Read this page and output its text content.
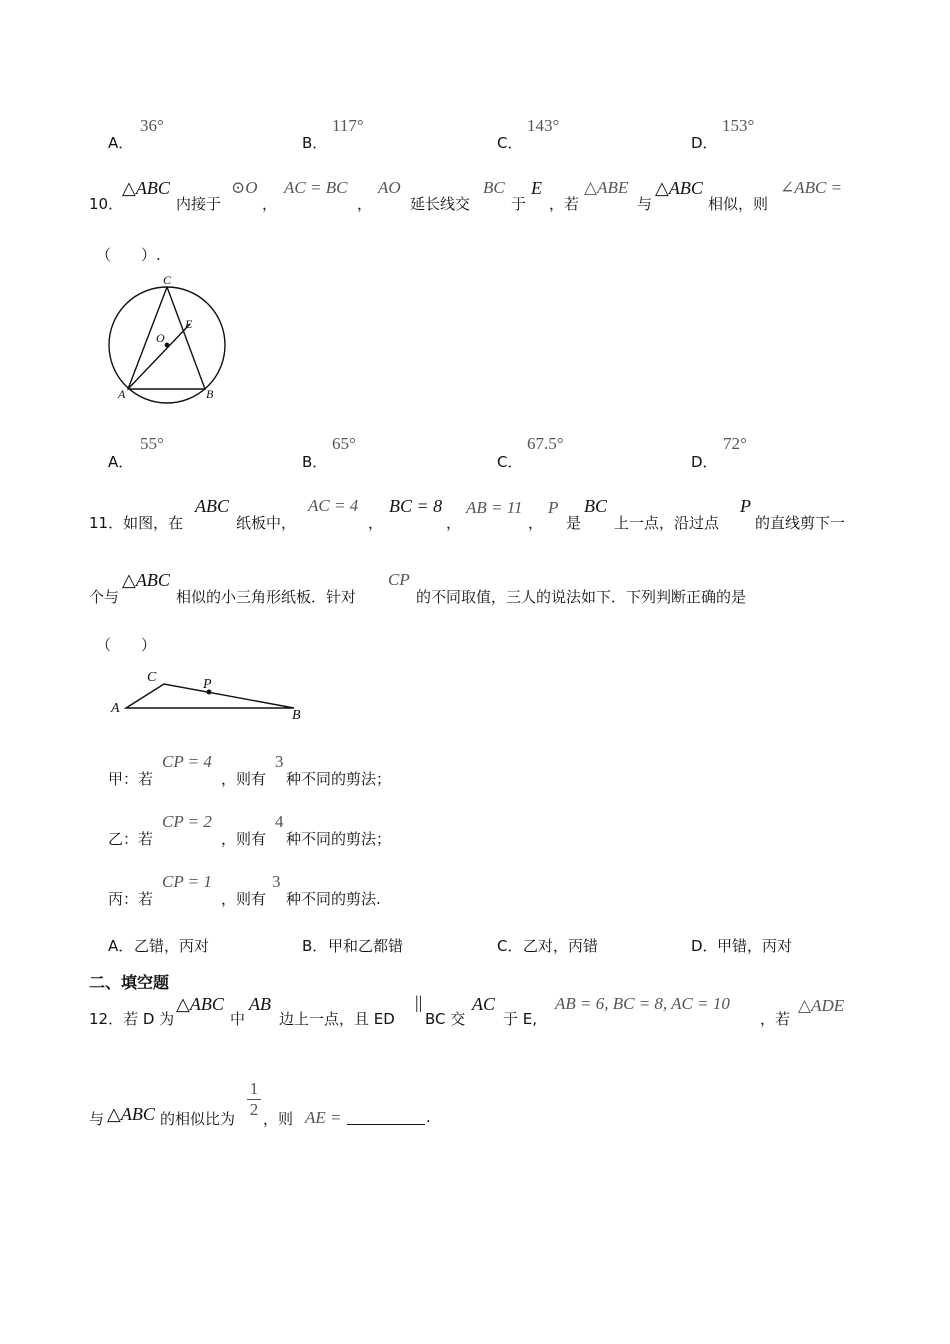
A．
36°
B．
117°
C．
143°
D．
153°
10．
△ABC
内接于
⊙O
，
AC = BC
，
AO
延长线交
BC
于
E
，若
△ABE
与
△ABC
相似，则
∠ABC =
（　　）.
C
O
E
A	B
A．
55°
B．
65°
C．
67.5°
D．
72°
11．如图，在
ABC
纸板中，
AC = 4
，
BC = 8
，
AB = 11
，
P
是
BC
上一点，沿过点
P
的直线剪下一
个与
△ABC
相似的小三角形纸板．针对
CP
的不同取值，三人的说法如下．下列判断正确的是
（　　）
C	P
A	B
甲：若
CP = 4
，则有
3
种不同的剪法；
乙：若
CP = 2
，则有
4
种不同的剪法；
丙：若
CP = 1
，则有
3
种不同的剪法.
A． 乙错，丙对	B． 甲和乙都错	C． 乙对，丙错	D． 甲错，丙对
二、填空题
12．若 D 为
△ABC
中
AB
边上一点，且 ED
||
BC 交
AC
于 E,
AB = 6, BC = 8, AC = 10
，若
△ADE
与 △ABC 的相似比为
1
2 ，则 AE =	.
